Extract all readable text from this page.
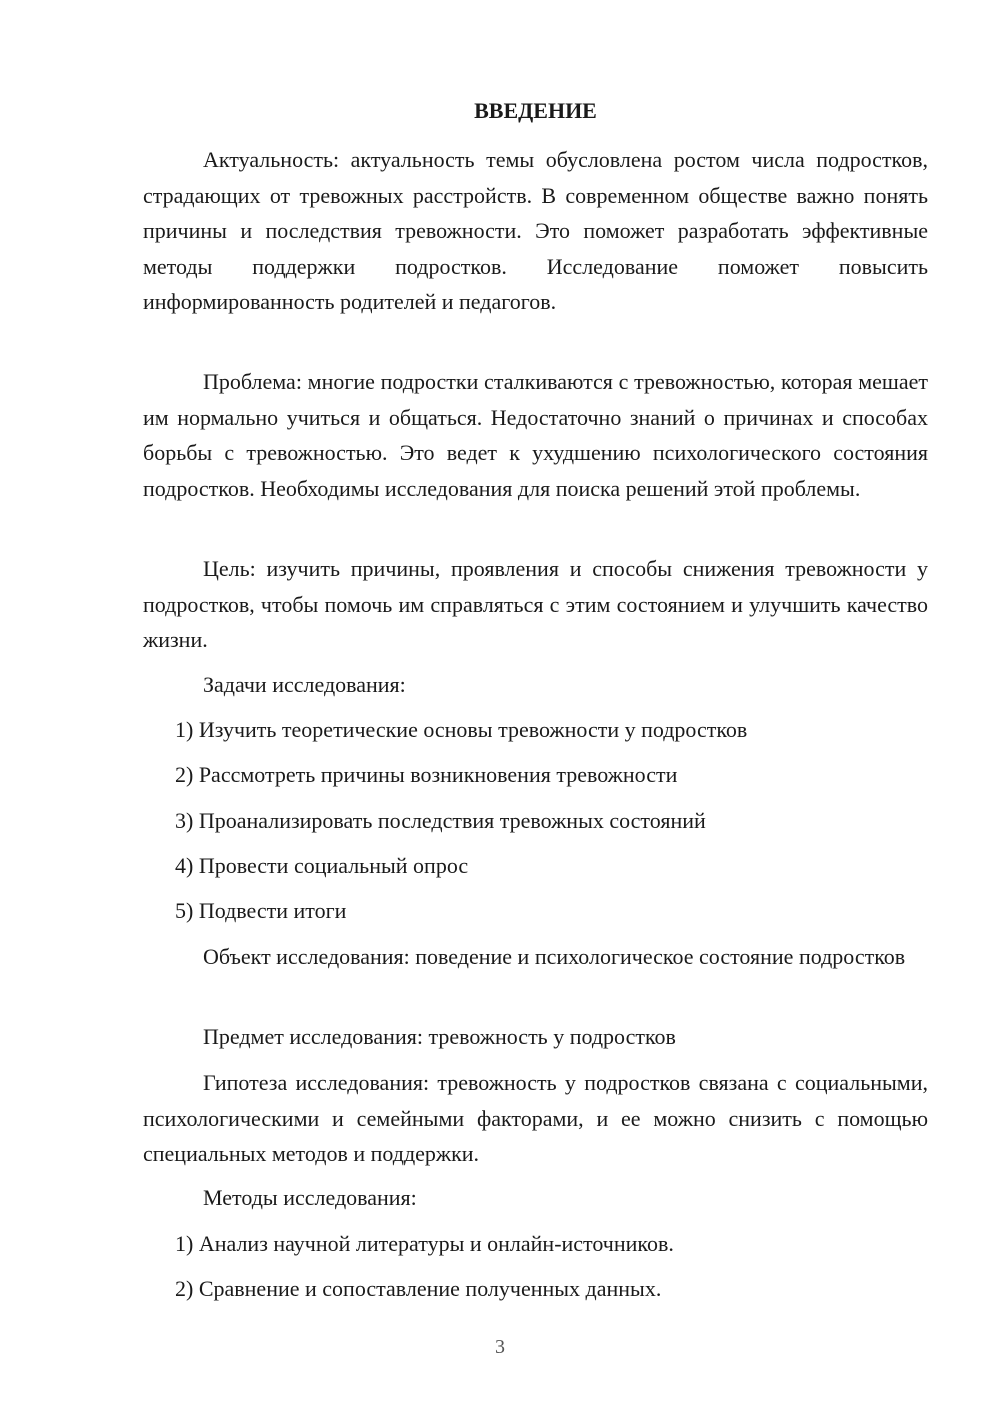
ВВЕДЕНИЕ

Актуальность: актуальность темы обусловлена ростом числа подростков, страдающих от тревожных расстройств. В современном обществе важно понять причины и последствия тревожности. Это поможет разработать эффективные методы поддержки подростков. Исследование поможет повысить информированность родителей и педагогов.

Проблема: многие подростки сталкиваются с тревожностью, которая мешает им нормально учиться и общаться. Недостаточно знаний о причинах и способах борьбы с тревожностью. Это ведет к ухудшению психологического состояния подростков. Необходимы исследования для поиска решений этой проблемы.

Цель: изучить причины, проявления и способы снижения тревожности у подростков, чтобы помочь им справляться с этим состоянием и улучшить качество жизни.

Задачи исследования:

1) Изучить теоретические основы тревожности у подростков

2) Рассмотреть причины возникновения тревожности

3) Проанализировать последствия тревожных состояний

4) Провести социальный опрос

5) Подвести итоги

Объект исследования: поведение и психологическое состояние подростков

Предмет исследования: тревожность у подростков

Гипотеза исследования: тревожность у подростков связана с социальными, психологическими и семейными факторами, и ее можно снизить с помощью специальных методов и поддержки.

Методы исследования:

1) Анализ научной литературы и онлайн-источников.

2) Сравнение и сопоставление полученных данных.

3
